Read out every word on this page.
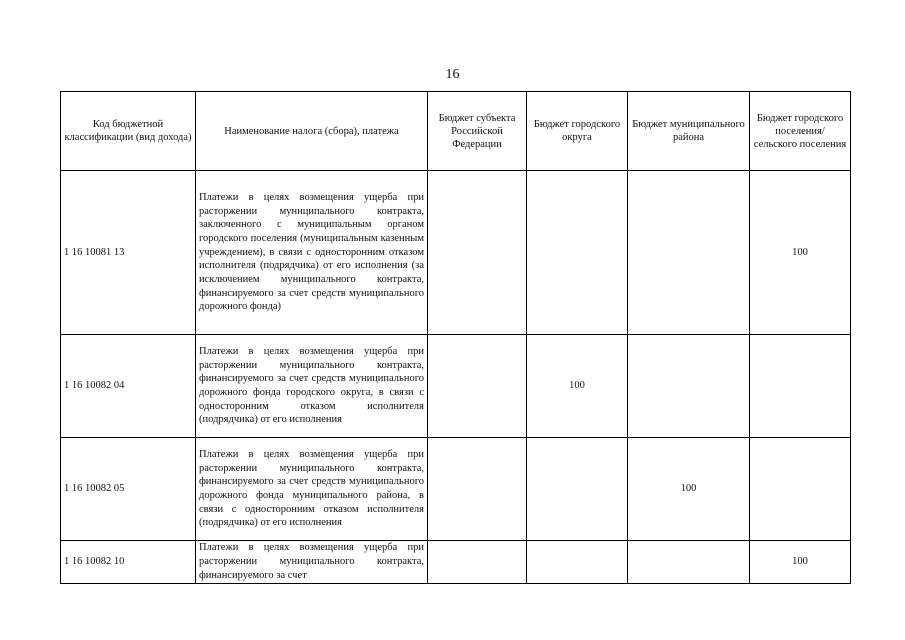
16
Код бюджетной классификации (вид дохода)	Наименование налога (сбора), платежа	Бюджет субъекта Российской Федерации	Бюджет городского округа	Бюджет муниципального района	Бюджет городского поселения/ сельского поселения
1 16 10081 13	Платежи в целях возмещения ущерба при расторжении муниципального контракта, заключенного с муниципальным органом городского поселения (муниципальным казенным учреждением), в связи с односторонним отказом исполнителя (подрядчика) от его исполнения (за исключением муниципального контракта, финансируемого за счет средств муниципального дорожного фонда)				100
1 16 10082 04	Платежи в целях возмещения ущерба при расторжении муниципального контракта, финансируемого за счет средств муниципального дорожного фонда городского округа, в связи с односторонним отказом исполнителя (подрядчика) от его исполнения		100		
1 16 10082 05	Платежи в целях возмещения ущерба при расторжении муниципального контракта, финансируемого за счет средств муниципального дорожного фонда муниципального района, в связи с односторонним отказом исполнителя (подрядчика) от его исполнения			100	
1 16 10082 10	Платежи в целях возмещения ущерба при расторжении муниципального контракта, финансируемого за счет				100
